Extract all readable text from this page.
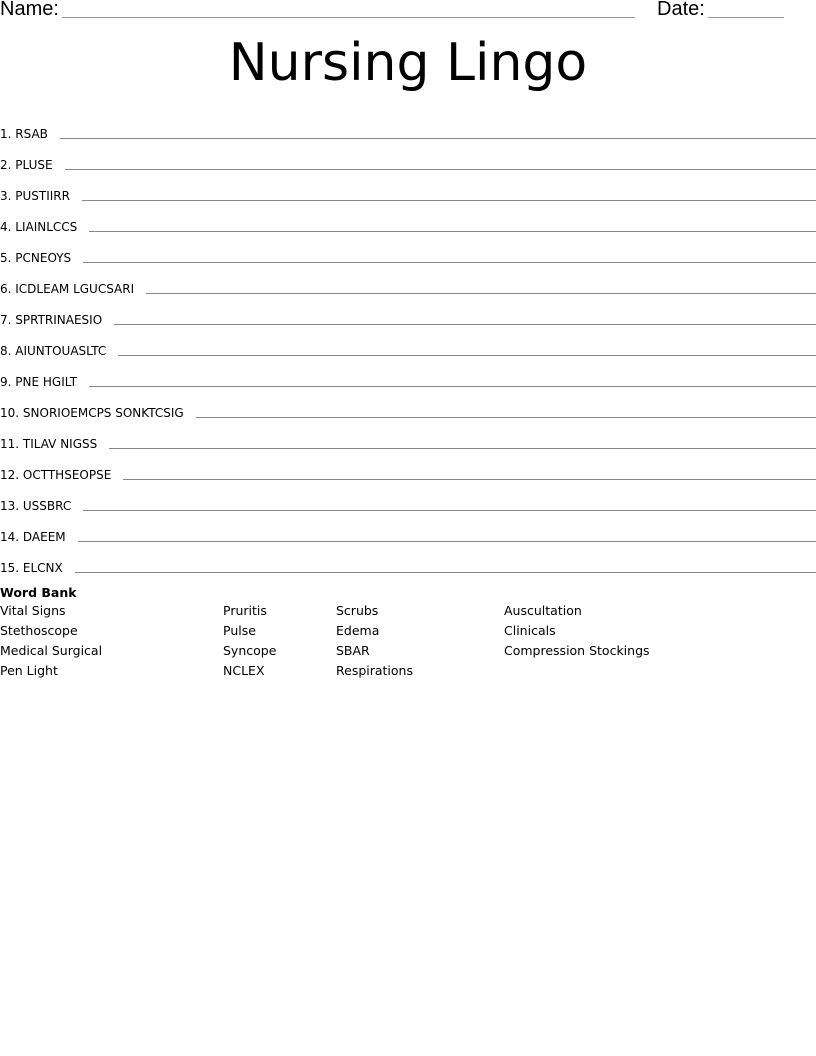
Name:	Date:
Nursing Lingo
1. RSAB
2. PLUSE
3. PUSTIIRR
4. LIAINLCCS
5. PCNEOYS
6. ICDLEAM LGUCSARI
7. SPRTRINAESIO
8. AIUNTOUASLTC
9. PNE HGILT
10. SNORIOEMCPS SONKTCSIG
11. TILAV NIGSS
12. OCTTHSEOPSE
13. USSBRC
14. DAEEM
15. ELCNX
Word Bank
Vital Signs	Pruritis	Scrubs	Auscultation
Stethoscope	Pulse	Edema	Clinicals
Medical Surgical	Syncope	SBAR	Compression Stockings
Pen Light	NCLEX	Respirations
